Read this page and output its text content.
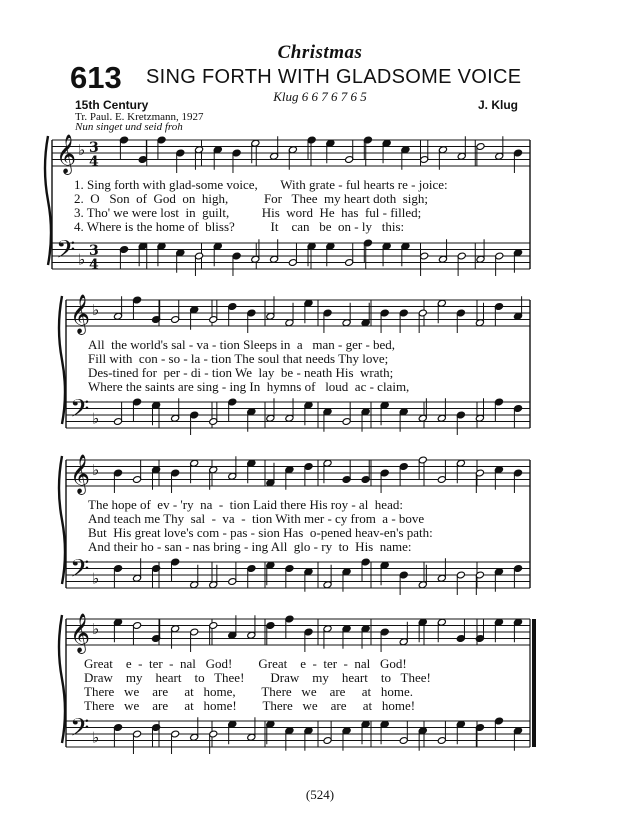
Christmas
613 SING FORTH WITH GLADSOME VOICE
Klug 6 6 7 6 7 6 5
15th Century
Tr. Paul. E. Kretzmann, 1927
Nun singet und seid froh
J. Klug
𝄞
𝄢
♭
♭
𝄞
𝄢
♭
♭
𝄞
𝄢
♭
♭
𝄞
𝄢
♭
♭
3
4
3
4
1. Sing forth with glad-some voice,       With grate - ful hearts re - joice:
2.  O   Son  of  God  on  high,           For   Thee  my heart doth  sigh;
3. Tho' we were lost  in  guilt,          His  word  He  has  ful - filled;
4. Where is the home of  bliss?           It    can   be  on - ly   this:
All  the world's sal - va - tion Sleeps in  a   man - ger - bed,
Fill with  con - so - la - tion The soul that needs Thy love;
Des-tined for  per - di - tion We  lay  be - neath His  wrath;
Where the saints are sing - ing In  hymns of   loud  ac - claim,
The hope of  ev - 'ry  na  -  tion Laid there His roy - al  head:
And teach me Thy  sal  -  va  -  tion With mer - cy from  a - bove
But  His great love's com - pas - sion Has  o-pened heav-en's path:
And their ho - san - nas bring - ing All  glo - ry  to  His  name:
Great    e  -  ter  -  nal   God!        Great    e  -  ter  -  nal   God!
Draw    my    heart    to   Thee!        Draw    my    heart    to   Thee!
There   we    are     at   home,        There   we    are     at   home.
There   we    are     at   home!        There   we    are     at   home!
(524)
